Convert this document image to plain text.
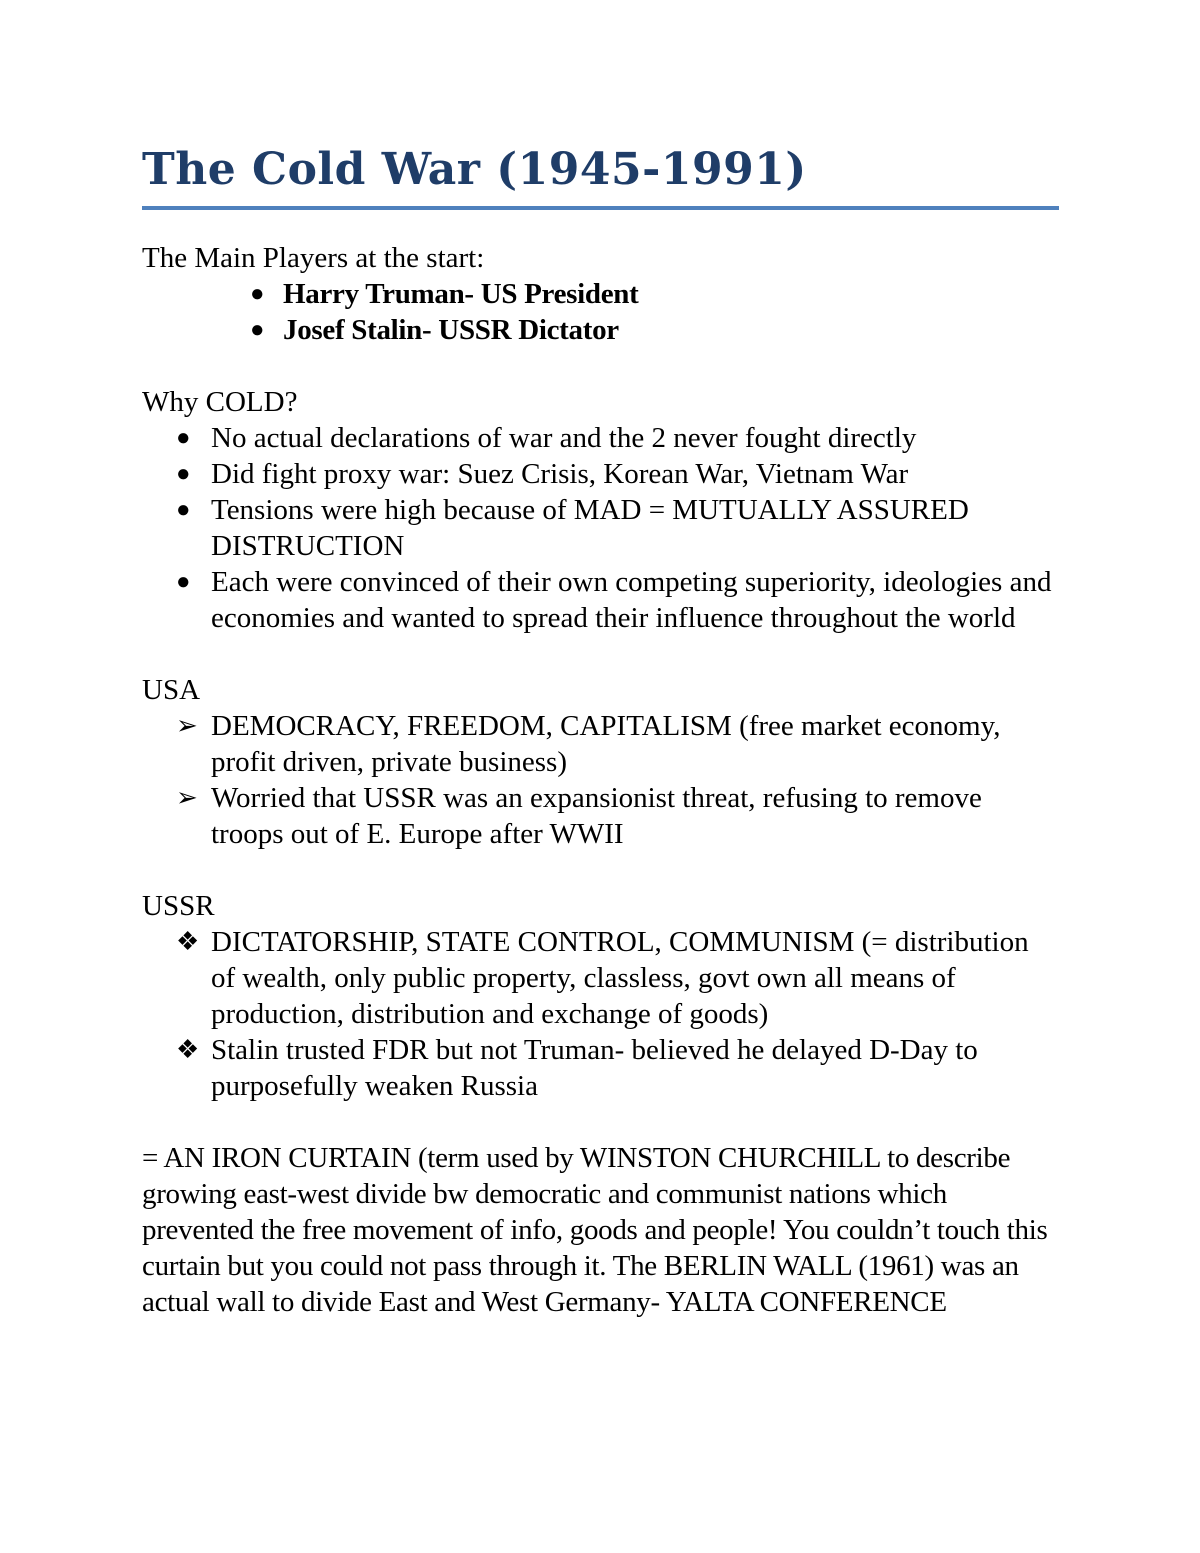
The Cold War (1945-1991)

The Main Players at the start:

● Harry Truman- US President
● Josef Stalin- USSR Dictator

Why COLD?

● No actual declarations of war and the 2 never fought directly
● Did fight proxy war: Suez Crisis, Korean War, Vietnam War
● Tensions were high because of MAD = MUTUALLY ASSURED DISTRUCTION
● Each were convinced of their own competing superiority, ideologies and economies and wanted to spread their influence throughout the world

USA

➢ DEMOCRACY, FREEDOM, CAPITALISM (free market economy, profit driven, private business)
➢ Worried that USSR was an expansionist threat, refusing to remove troops out of E. Europe after WWII

USSR

❖ DICTATORSHIP, STATE CONTROL, COMMUNISM (= distribution of wealth, only public property, classless, govt own all means of production, distribution and exchange of goods)
❖ Stalin trusted FDR but not Truman- believed he delayed D-Day to purposefully weaken Russia

= AN IRON CURTAIN (term used by WINSTON CHURCHILL to describe growing east-west divide bw democratic and communist nations which prevented the free movement of info, goods and people! You couldn’t touch this curtain but you could not pass through it. The BERLIN WALL (1961) was an actual wall to divide East and West Germany- YALTA CONFERENCE
